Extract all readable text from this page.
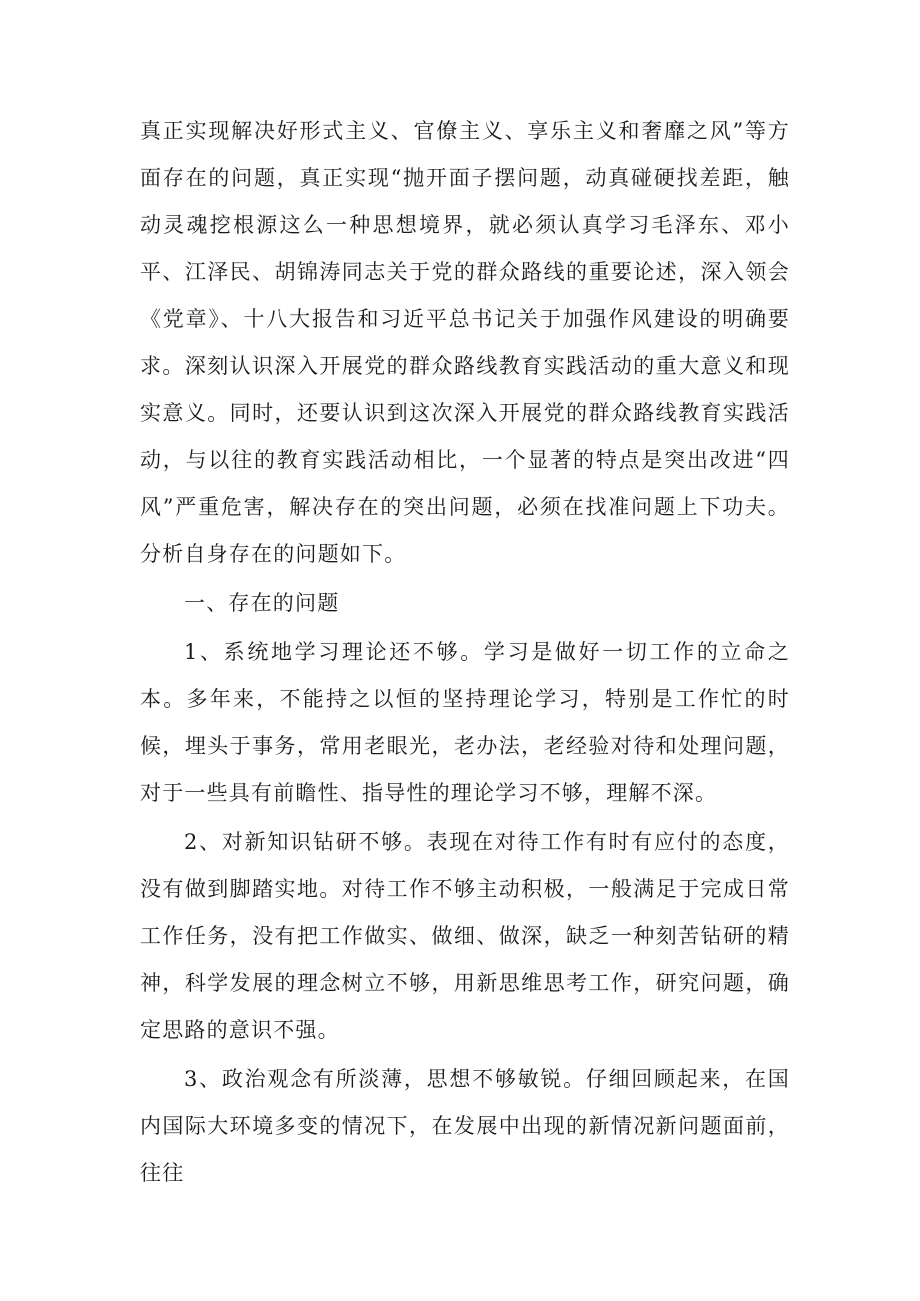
真正实现解决好形式主义、官僚主义、享乐主义和奢靡之风”等方面存在的问题，真正实现“抛开面子摆问题，动真碰硬找差距，触动灵魂挖根源这么一种思想境界，就必须认真学习毛泽东、邓小平、江泽民、胡锦涛同志关于党的群众路线的重要论述，深入领会《党章》、十八大报告和习近平总书记关于加强作风建设的明确要求。深刻认识深入开展党的群众路线教育实践活动的重大意义和现实意义。同时，还要认识到这次深入开展党的群众路线教育实践活动，与以往的教育实践活动相比，一个显著的特点是突出改进“四风”严重危害，解决存在的突出问题，必须在找准问题上下功夫。分析自身存在的问题如下。

一、存在的问题

1、系统地学习理论还不够。学习是做好一切工作的立命之本。多年来，不能持之以恒的坚持理论学习，特别是工作忙的时候，埋头于事务，常用老眼光，老办法，老经验对待和处理问题，对于一些具有前瞻性、指导性的理论学习不够，理解不深。

2、对新知识钻研不够。表现在对待工作有时有应付的态度，没有做到脚踏实地。对待工作不够主动积极，一般满足于完成日常工作任务，没有把工作做实、做细、做深，缺乏一种刻苦钻研的精神，科学发展的理念树立不够，用新思维思考工作，研究问题，确定思路的意识不强。

3、政治观念有所淡薄，思想不够敏锐。仔细回顾起来，在国内国际大环境多变的情况下，在发展中出现的新情况新问题面前，往往
